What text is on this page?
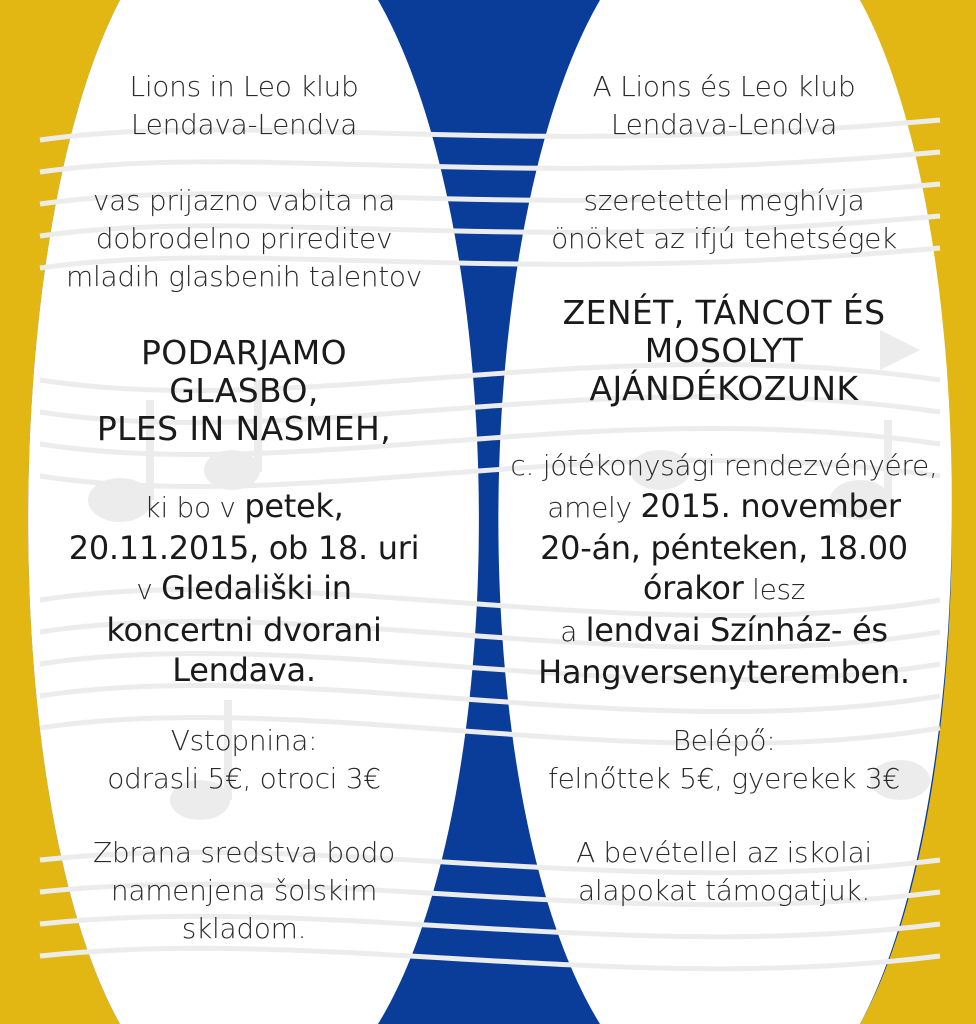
Lions in Leo klub
Lendava-Lendva
vas prijazno vabita na
dobrodelno prireditev
mladih glasbenih talentov
PODARJAMO
GLASBO,
PLES IN NASMEH,
ki bo v petek,
20.11.2015, ob 18. uri
v Gledališki in
koncertni dvorani
Lendava.
Vstopnina:
odrasli 5€, otroci 3€
Zbrana sredstva bodo
namenjena šolskim
skladom.
A Lions és Leo klub
Lendava-Lendva
szeretettel meghívja
önöket az ifjú tehetségek
ZENÉT, TÁNCOT ÉS
MOSOLYT
AJÁNDÉKOZUNK
c. jótékonysági rendezvényére,
amely 2015. november
20-án, pénteken, 18.00
órakor lesz
a lendvai Színház- és
Hangversenyteremben.
Belépő:
felnőttek 5€, gyerekek 3€
A bevétellel az iskolai
alapokat támogatjuk.
